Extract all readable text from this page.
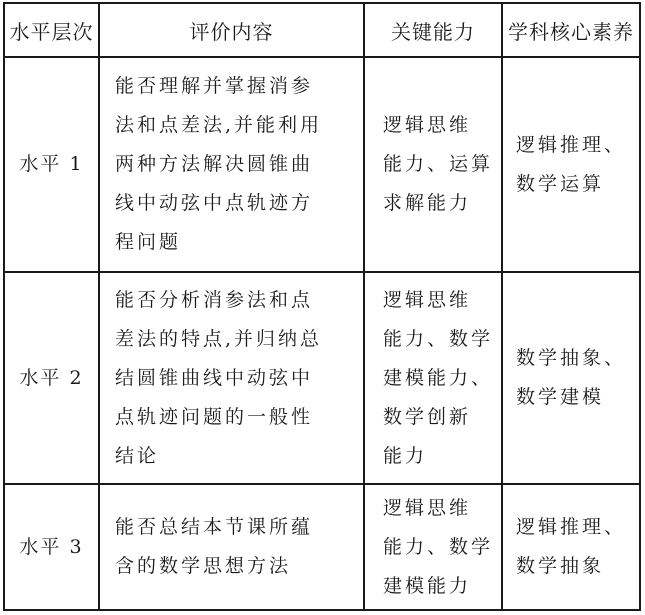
水平层次	评价内容	关键能力	学科核心素养
水平 1	能否理解并掌握消参
法和点差法,并能利用
两种方法解决圆锥曲
线中动弦中点轨迹方
程问题	逻辑思维
能力、运算
求解能力	逻辑推理、
数学运算

水平 2	能否分析消参法和点
差法的特点,并归纳总
结圆锥曲线中动弦中
点轨迹问题的一般性
结论	逻辑思维
能力、数学
建模能力、
数学创新
能力	数学抽象、
数学建模

水平 3	能否总结本节课所蕴
含的数学思想方法	逻辑思维
能力、数学
建模能力	逻辑推理、
数学抽象
